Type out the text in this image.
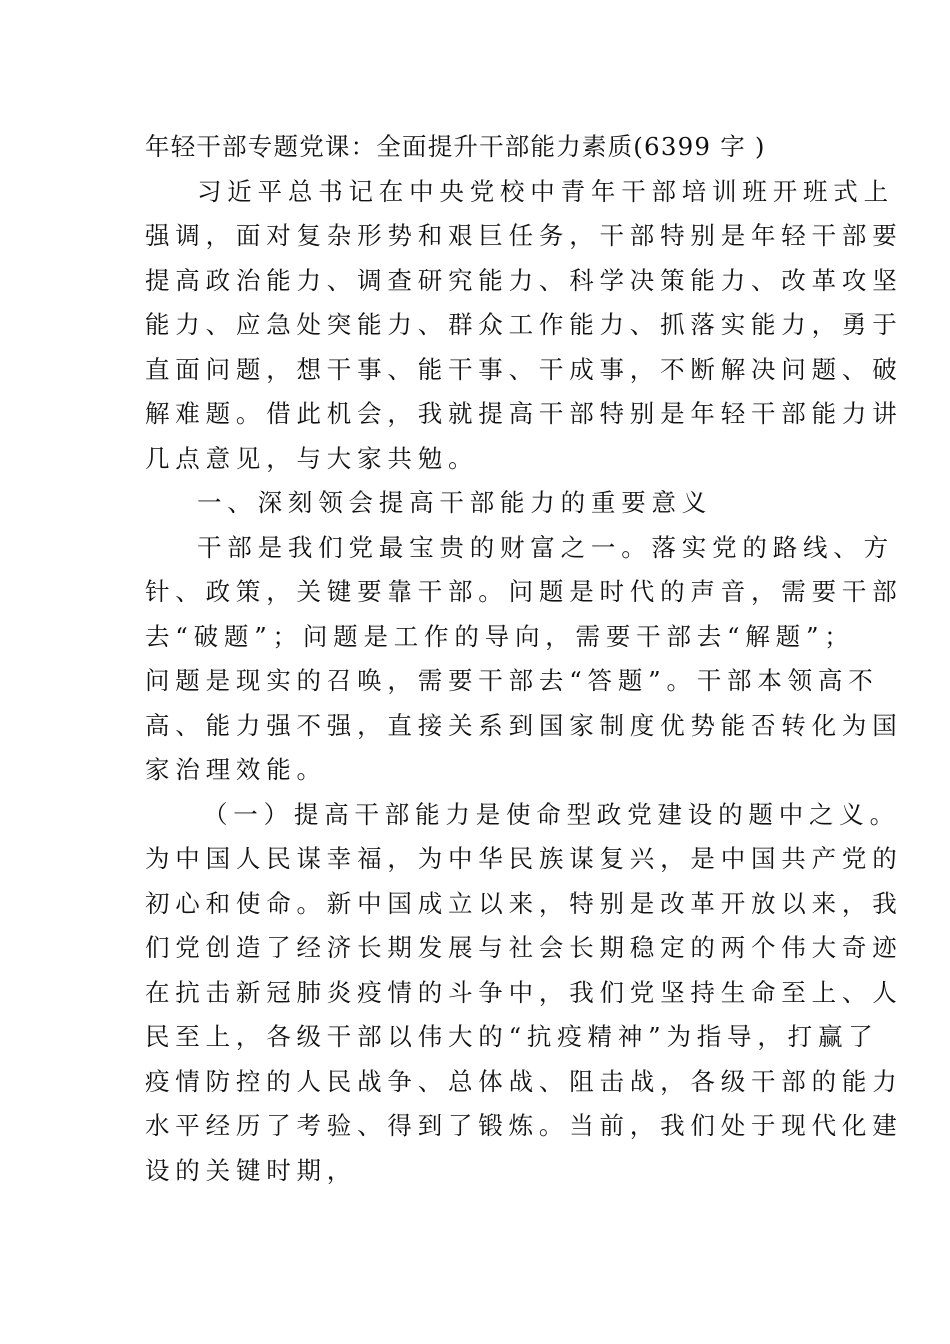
年轻干部专题党课：全面提升干部能力素质(6399 字 )
习近平总书记在中央党校中青年干部培训班开班式上
强调，面对复杂形势和艰巨任务，干部特别是年轻干部要
提高政治能力、调查研究能力、科学决策能力、改革攻坚
能力、应急处突能力、群众工作能力、抓落实能力，勇于
直面问题，想干事、能干事、干成事，不断解决问题、破
解难题。借此机会，我就提高干部特别是年轻干部能力讲
几点意见，与大家共勉。
一、深刻领会提高干部能力的重要意义
干部是我们党最宝贵的财富之一。落实党的路线、方
针、政策，关键要靠干部。问题是时代的声音，需要干部
去“破题”；问题是工作的导向，需要干部去“解题”；
问题是现实的召唤，需要干部去“答题”。干部本领高不
高、能力强不强，直接关系到国家制度优势能否转化为国
家治理效能。
（一）提高干部能力是使命型政党建设的题中之义。
为中国人民谋幸福，为中华民族谋复兴，是中国共产党的
初心和使命。新中国成立以来，特别是改革开放以来，我
们党创造了经济长期发展与社会长期稳定的两个伟大奇迹
在抗击新冠肺炎疫情的斗争中，我们党坚持生命至上、人
民至上，各级干部以伟大的“抗疫精神”为指导，打赢了
疫情防控的人民战争、总体战、阻击战，各级干部的能力
水平经历了考验、得到了锻炼。当前，我们处于现代化建
设的关键时期，
